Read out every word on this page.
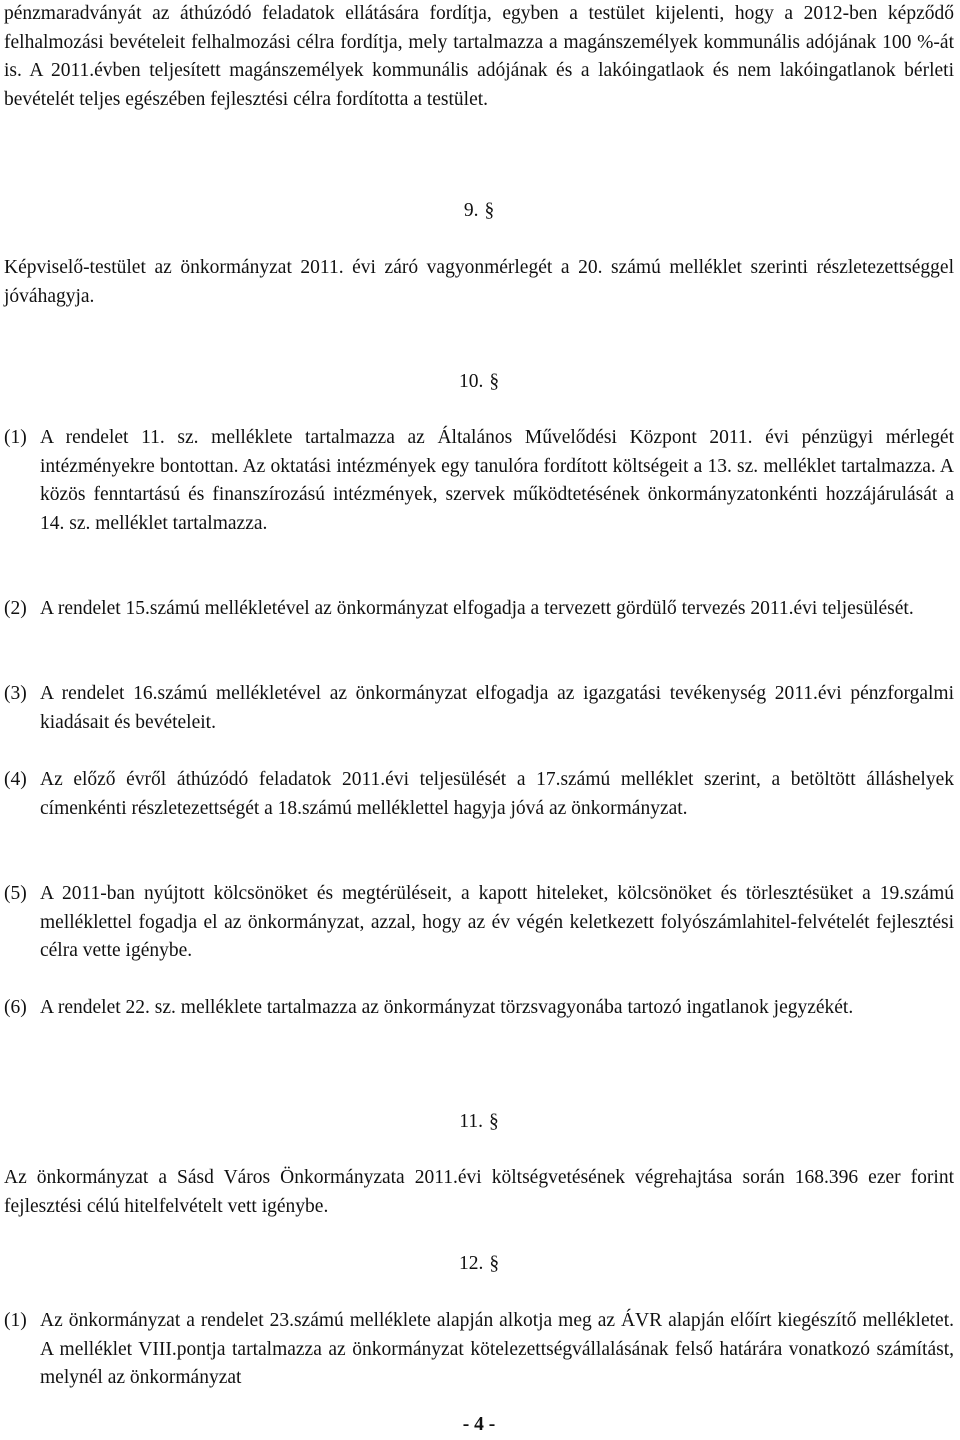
pénzmaradványát az áthúzódó feladatok ellátására fordítja, egyben a testület kijelenti, hogy a 2012-ben képződő felhalmozási bevételeit felhalmozási célra fordítja, mely tartalmazza a magánszemélyek kommunális adójának 100 %-át is. A 2011.évben teljesített magánszemélyek kommunális adójának és a lakóingatlaok és nem lakóingatlanok bérleti bevételét teljes egészében fejlesztési célra fordította a testület.

9. §

Képviselő-testület az önkormányzat 2011. évi záró vagyonmérlegét a 20. számú melléklet szerinti részletezettséggel jóváhagyja.

10. §
(1) A rendelet 11. sz. melléklete tartalmazza az Általános Művelődési Központ 2011. évi pénzügyi mérlegét intézményekre bontottan. Az oktatási intézmények egy tanulóra fordított költségeit a 13. sz. melléklet tartalmazza. A közös fenntartású és finanszírozású intézmények, szervek működtetésének önkormányzatonkénti hozzájárulását a 14. sz. melléklet tartalmazza.

(2) A rendelet 15.számú mellékletével az önkormányzat elfogadja a tervezett gördülő tervezés 2011.évi teljesülését.

(3) A rendelet 16.számú mellékletével az önkormányzat elfogadja az igazgatási tevékenység 2011.évi pénzforgalmi kiadásait és bevételeit.

(4) Az előző évről áthúzódó feladatok 2011.évi teljesülését a 17.számú melléklet szerint, a betöltött álláshelyek címenkénti részletezettségét a 18.számú melléklettel hagyja jóvá az önkormányzat.

(5) A 2011-ban nyújtott kölcsönöket és megtérüléseit, a kapott hiteleket, kölcsönöket és törlesztésüket a 19.számú melléklettel fogadja el az önkormányzat, azzal, hogy az év végén keletkezett folyószámlahitel-felvételét fejlesztési célra vette igénybe.

(6) A rendelet 22. sz. melléklete tartalmazza az önkormányzat törzsvagyonába tartozó ingatlanok jegyzékét.

11. §

Az önkormányzat a Sásd Város Önkormányzata 2011.évi költségvetésének végrehajtása során 168.396 ezer forint fejlesztési célú hitelfelvételt vett igénybe.

12. §
(1) Az önkormányzat a rendelet 23.számú melléklete alapján alkotja meg az ÁVR alapján előírt kiegészítő mellékletet. A melléklet VIII.pontja tartalmazza az önkormányzat kötelezettségvállalásának felső határára vonatkozó számítást, melynél az önkormányzat

- 4 -
